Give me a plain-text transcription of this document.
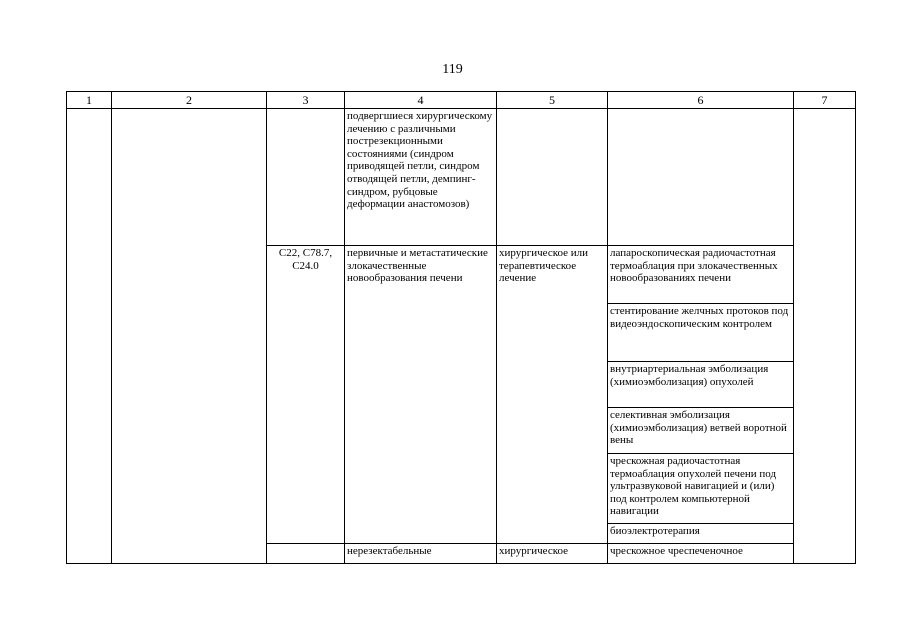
119
1	2	3	4	5	6	7
			подвергшиеся хирургическому лечению с различными пострезекционными состояниями (синдром приводящей петли, синдром отводящей петли, демпинг-синдром, рубцовые деформации анастомозов)			
		C22, C78.7, C24.0	первичные и метастатические злокачественные новообразования печени	хирургическое или терапевтическое лечение	лапароскопическая радиочастотная термоаблация при злокачественных новообразованиях печени	
					стентирование желчных протоков под видеоэндоскопическим контролем	
					внутриартериальная эмболизация (химиоэмболизация) опухолей	
					селективная эмболизация (химиоэмболизация) ветвей воротной вены	
					чрескожная радиочастотная термоаблация опухолей печени под ультразвуковой навигацией и (или) под контролем компьютерной навигации	
					биоэлектротерапия	
			нерезектабельные	хирургическое	чрескожное чреспеченочное	
